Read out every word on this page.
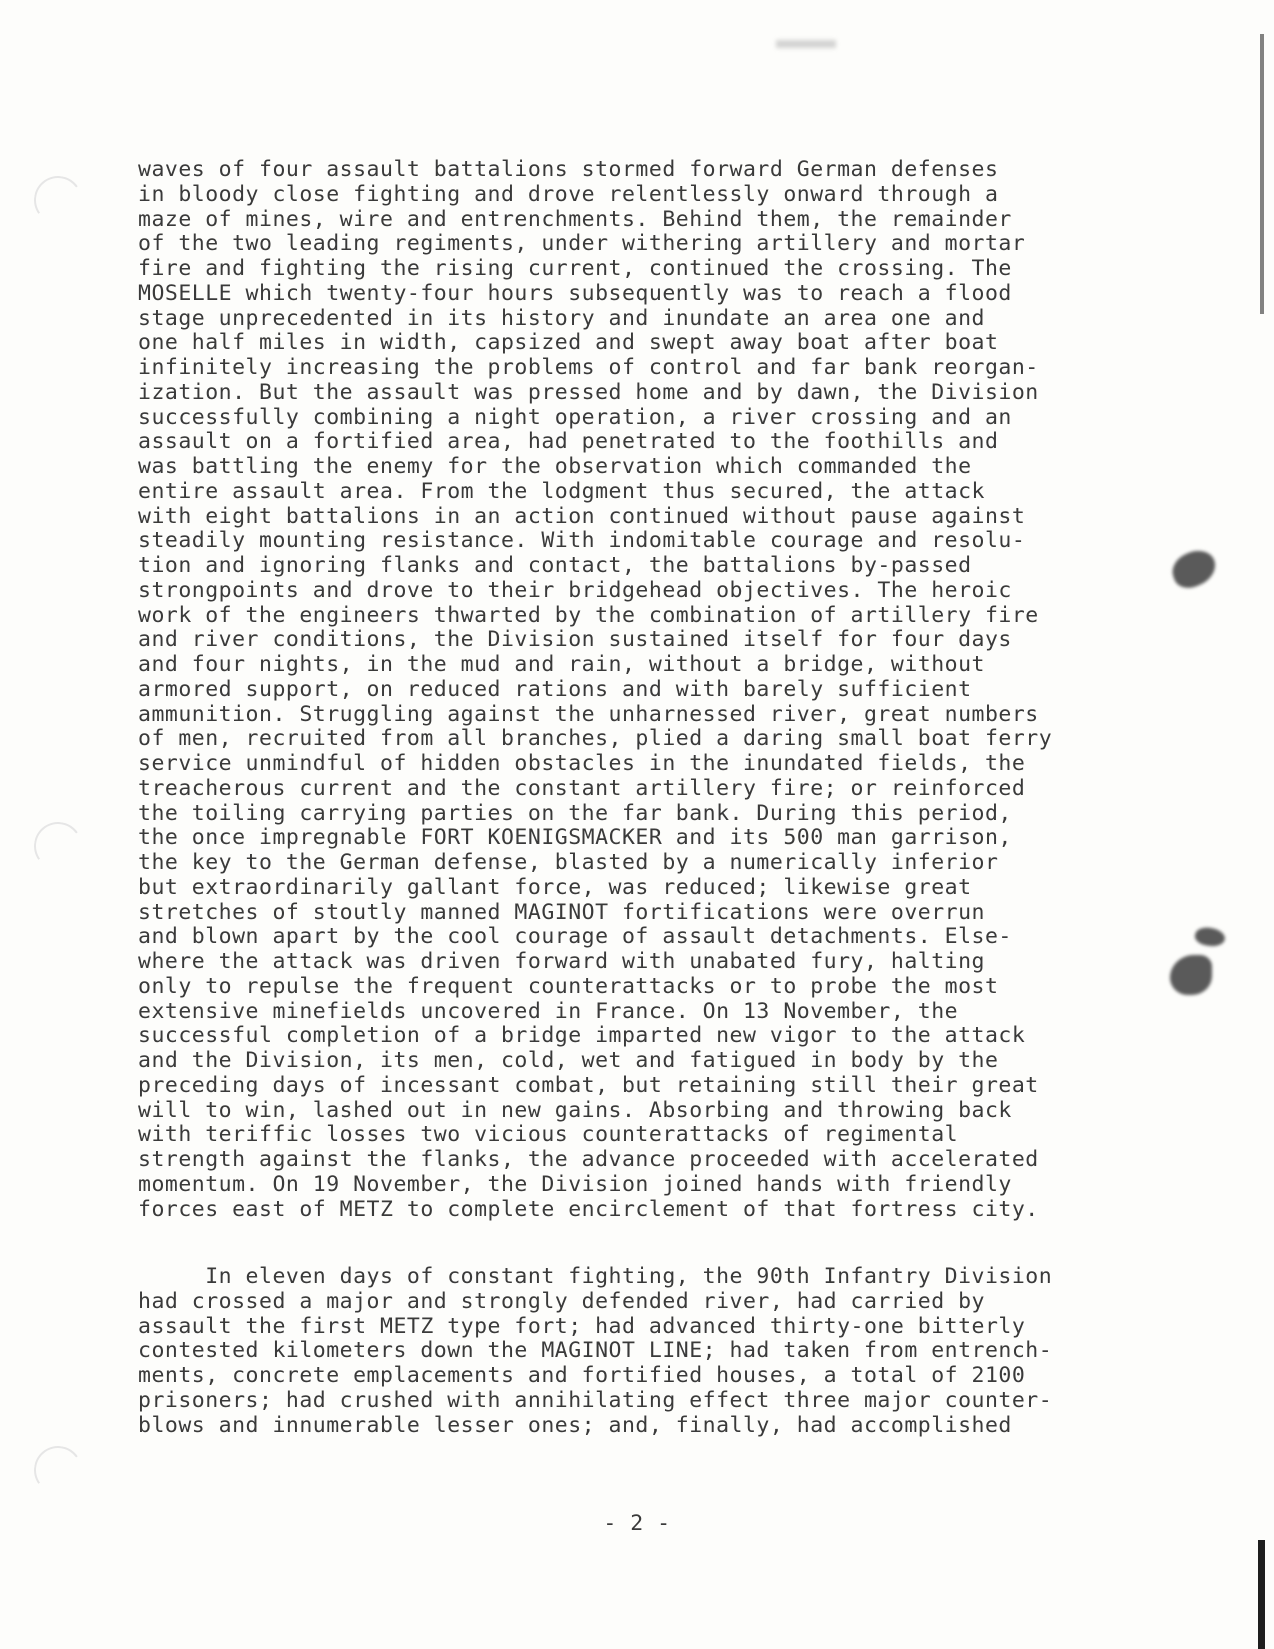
waves of four assault battalions stormed forward German defenses
in bloody close fighting and drove relentlessly onward through a
maze of mines, wire and entrenchments. Behind them, the remainder
of the two leading regiments, under withering artillery and mortar
fire and fighting the rising current, continued the crossing. The
MOSELLE which twenty-four hours subsequently was to reach a flood
stage unprecedented in its history and inundate an area one and
one half miles in width, capsized and swept away boat after boat
infinitely increasing the problems of control and far bank reorgan-
ization. But the assault was pressed home and by dawn, the Division
successfully combining a night operation, a river crossing and an
assault on a fortified area, had penetrated to the foothills and
was battling the enemy for the observation which commanded the
entire assault area. From the lodgment thus secured, the attack
with eight battalions in an action continued without pause against
steadily mounting resistance. With indomitable courage and resolu-
tion and ignoring flanks and contact, the battalions by-passed
strongpoints and drove to their bridgehead objectives. The heroic
work of the engineers thwarted by the combination of artillery fire
and river conditions, the Division sustained itself for four days
and four nights, in the mud and rain, without a bridge, without
armored support, on reduced rations and with barely sufficient
ammunition. Struggling against the unharnessed river, great numbers
of men, recruited from all branches, plied a daring small boat ferry
service unmindful of hidden obstacles in the inundated fields, the
treacherous current and the constant artillery fire; or reinforced
the toiling carrying parties on the far bank. During this period,
the once impregnable FORT KOENIGSMACKER and its 500 man garrison,
the key to the German defense, blasted by a numerically inferior
but extraordinarily gallant force, was reduced; likewise great
stretches of stoutly manned MAGINOT fortifications were overrun
and blown apart by the cool courage of assault detachments. Else-
where the attack was driven forward with unabated fury, halting
only to repulse the frequent counterattacks or to probe the most
extensive minefields uncovered in France. On 13 November, the
successful completion of a bridge imparted new vigor to the attack
and the Division, its men, cold, wet and fatigued in body by the
preceding days of incessant combat, but retaining still their great
will to win, lashed out in new gains. Absorbing and throwing back
with teriffic losses two vicious counterattacks of regimental
strength against the flanks, the advance proceeded with accelerated
momentum. On 19 November, the Division joined hands with friendly
forces east of METZ to complete encirclement of that fortress city.
In eleven days of constant fighting, the 90th Infantry Division
had crossed a major and strongly defended river, had carried by
assault the first METZ type fort; had advanced thirty-one bitterly
contested kilometers down the MAGINOT LINE; had taken from entrench-
ments, concrete emplacements and fortified houses, a total of 2100
prisoners; had crushed with annihilating effect three major counter-
blows and innumerable lesser ones; and, finally, had accomplished
- 2 -
